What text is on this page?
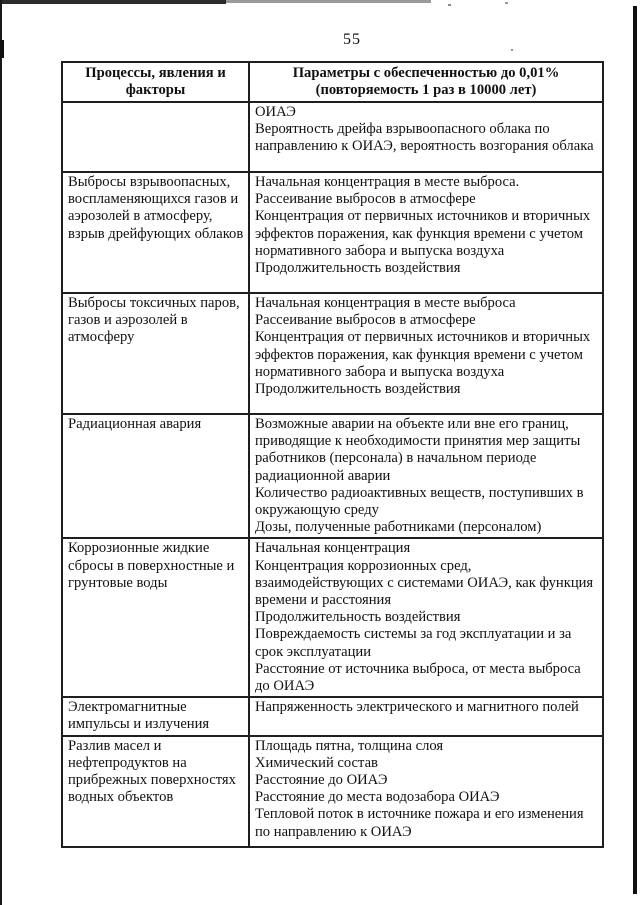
55
Процессы, явления и факторы	Параметры с обеспеченностью до 0,01% (повторяемость 1 раз в 10000 лет)

	ОИАЭ
Вероятность дрейфа взрывоопасного облака по направлению к ОИАЭ, вероятность возгорания облака

Выбросы взрывоопасных, воспламеняющихся газов и аэрозолей в атмосферу, взрыв дрейфующих облаков	Начальная концентрация в месте выброса.
Рассеивание выбросов в атмосфере
Концентрация от первичных источников и вторичных эффектов поражения, как функция времени с учетом нормативного забора и выпуска воздуха
Продолжительность воздействия

Выбросы токсичных паров, газов и аэрозолей в атмосферу	Начальная концентрация в месте выброса
Рассеивание выбросов в атмосфере
Концентрация от первичных источников и вторичных эффектов поражения, как функция времени с учетом нормативного забора и выпуска воздуха
Продолжительность воздействия

Радиационная авария	Возможные аварии на объекте или вне его границ, приводящие к необходимости принятия мер защиты работников (персонала) в начальном периоде радиационной аварии
Количество радиоактивных веществ, поступивших в окружающую среду
Дозы, полученные работниками (персоналом)

Коррозионные жидкие сбросы в поверхностные и грунтовые воды	Начальная концентрация
Концентрация коррозионных сред, взаимодействующих с системами ОИАЭ, как функция времени и расстояния
Продолжительность воздействия
Повреждаемость системы за год эксплуатации и за срок эксплуатации
Расстояние от источника выброса, от места выброса до ОИАЭ

Электромагнитные импульсы и излучения	Напряженность электрического и магнитного полей

Разлив масел и нефтепродуктов на прибрежных поверхностях водных объектов	Площадь пятна, толщина слоя
Химический состав
Расстояние до ОИАЭ
Расстояние до места водозабора ОИАЭ
Тепловой поток в источнике пожара и его изменения по направлению к ОИАЭ
